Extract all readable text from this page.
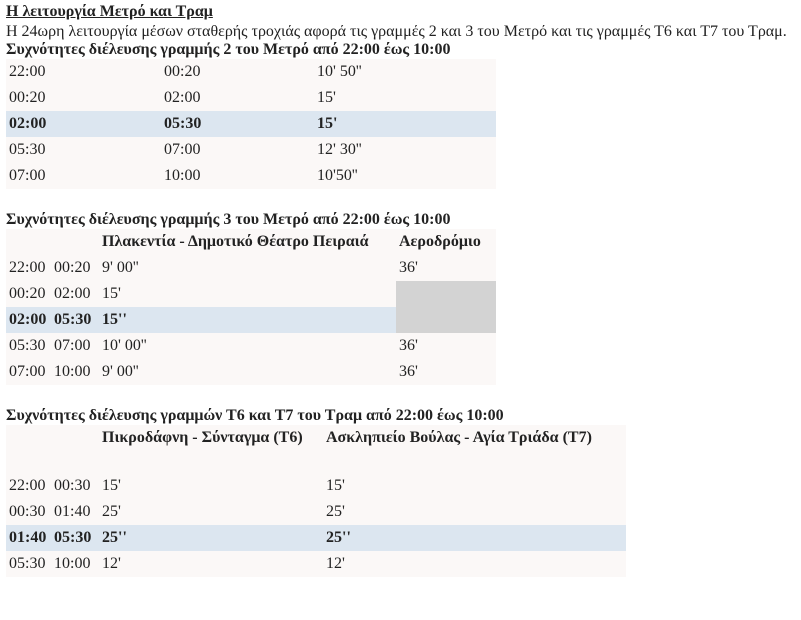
Η λειτουργία Μετρό και Τραμ

Η 24ωρη λειτουργία μέσων σταθερής τροχιάς αφορά τις γραμμές 2 και 3 του Μετρό και τις γραμμές Τ6 και Τ7 του Τραμ.

Συχνότητες διέλευσης γραμμής 2 του Μετρό από 22:00 έως 10:00

22:00	00:20	10' 50''
00:20	02:00	15'
02:00	05:30	15'
05:30	07:00	12' 30''
07:00	10:00	10'50''

Συχνότητες διέλευσης γραμμής 3 του Μετρό από 22:00 έως 10:00

		Πλακεντία - Δημοτικό Θέατρο Πειραιά	Αεροδρόμιο
22:00	00:20	9' 00''	36'
00:20	02:00	15'	
02:00	05:30	15''	
05:30	07:00	10' 00''	36'
07:00	10:00	9' 00''	36'

Συχνότητες διέλευσης γραμμών Τ6 και Τ7 του Τραμ από 22:00 έως 10:00

		Πικροδάφνη - Σύνταγμα (Τ6)	Ασκληπιείο Βούλας - Αγία Τριάδα (Τ7)
22:00	00:30	15'	15'
00:30	01:40	25'	25'
01:40	05:30	25''	25''
05:30	10:00	12'	12'
